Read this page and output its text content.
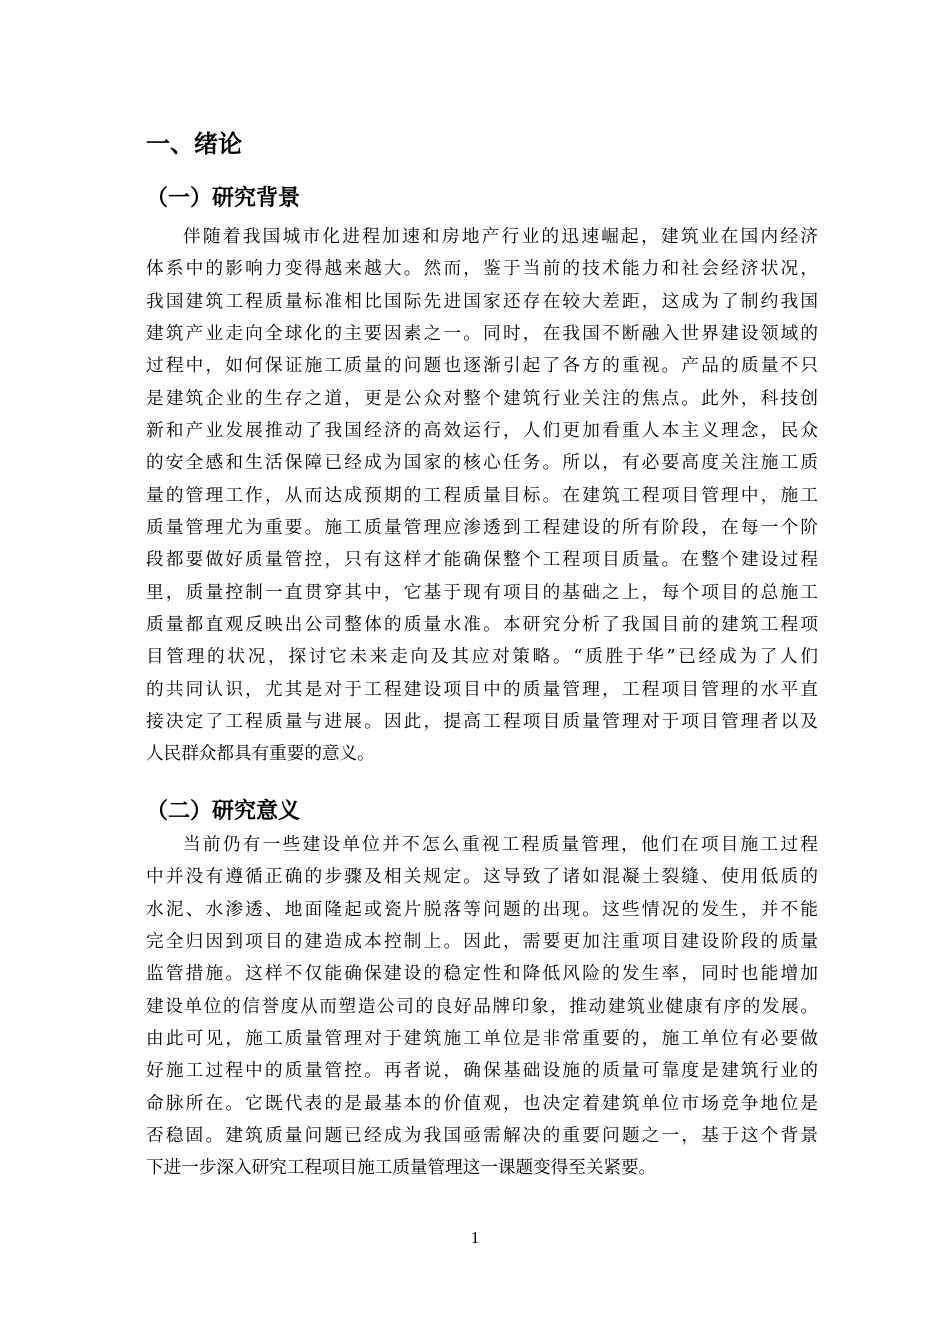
一、绪论
（一）研究背景
伴随着我国城市化进程加速和房地产行业的迅速崛起，建筑业在国内经济
体系中的影响力变得越来越大。然而，鉴于当前的技术能力和社会经济状况，
我国建筑工程质量标准相比国际先进国家还存在较大差距，这成为了制约我国
建筑产业走向全球化的主要因素之一。同时，在我国不断融入世界建设领域的
过程中，如何保证施工质量的问题也逐渐引起了各方的重视。产品的质量不只
是建筑企业的生存之道，更是公众对整个建筑行业关注的焦点。此外，科技创
新和产业发展推动了我国经济的高效运行，人们更加看重人本主义理念，民众
的安全感和生活保障已经成为国家的核心任务。所以，有必要高度关注施工质
量的管理工作，从而达成预期的工程质量目标。在建筑工程项目管理中，施工
质量管理尤为重要。施工质量管理应渗透到工程建设的所有阶段，在每一个阶
段都要做好质量管控，只有这样才能确保整个工程项目质量。在整个建设过程
里，质量控制一直贯穿其中，它基于现有项目的基础之上，每个项目的总施工
质量都直观反映出公司整体的质量水准。本研究分析了我国目前的建筑工程项
目管理的状况，探讨它未来走向及其应对策略。“质胜于华”已经成为了人们
的共同认识，尤其是对于工程建设项目中的质量管理，工程项目管理的水平直
接决定了工程质量与进展。因此，提高工程项目质量管理对于项目管理者以及
人民群众都具有重要的意义。
（二）研究意义
当前仍有一些建设单位并不怎么重视工程质量管理，他们在项目施工过程
中并没有遵循正确的步骤及相关规定。这导致了诸如混凝土裂缝、使用低质的
水泥、水渗透、地面隆起或瓷片脱落等问题的出现。这些情况的发生，并不能
完全归因到项目的建造成本控制上。因此，需要更加注重项目建设阶段的质量
监管措施。这样不仅能确保建设的稳定性和降低风险的发生率，同时也能增加
建设单位的信誉度从而塑造公司的良好品牌印象，推动建筑业健康有序的发展。
由此可见，施工质量管理对于建筑施工单位是非常重要的，施工单位有必要做
好施工过程中的质量管控。再者说，确保基础设施的质量可靠度是建筑行业的
命脉所在。它既代表的是最基本的价值观，也决定着建筑单位市场竞争地位是
否稳固。建筑质量问题已经成为我国亟需解决的重要问题之一，基于这个背景
下进一步深入研究工程项目施工质量管理这一课题变得至关紧要。
1
